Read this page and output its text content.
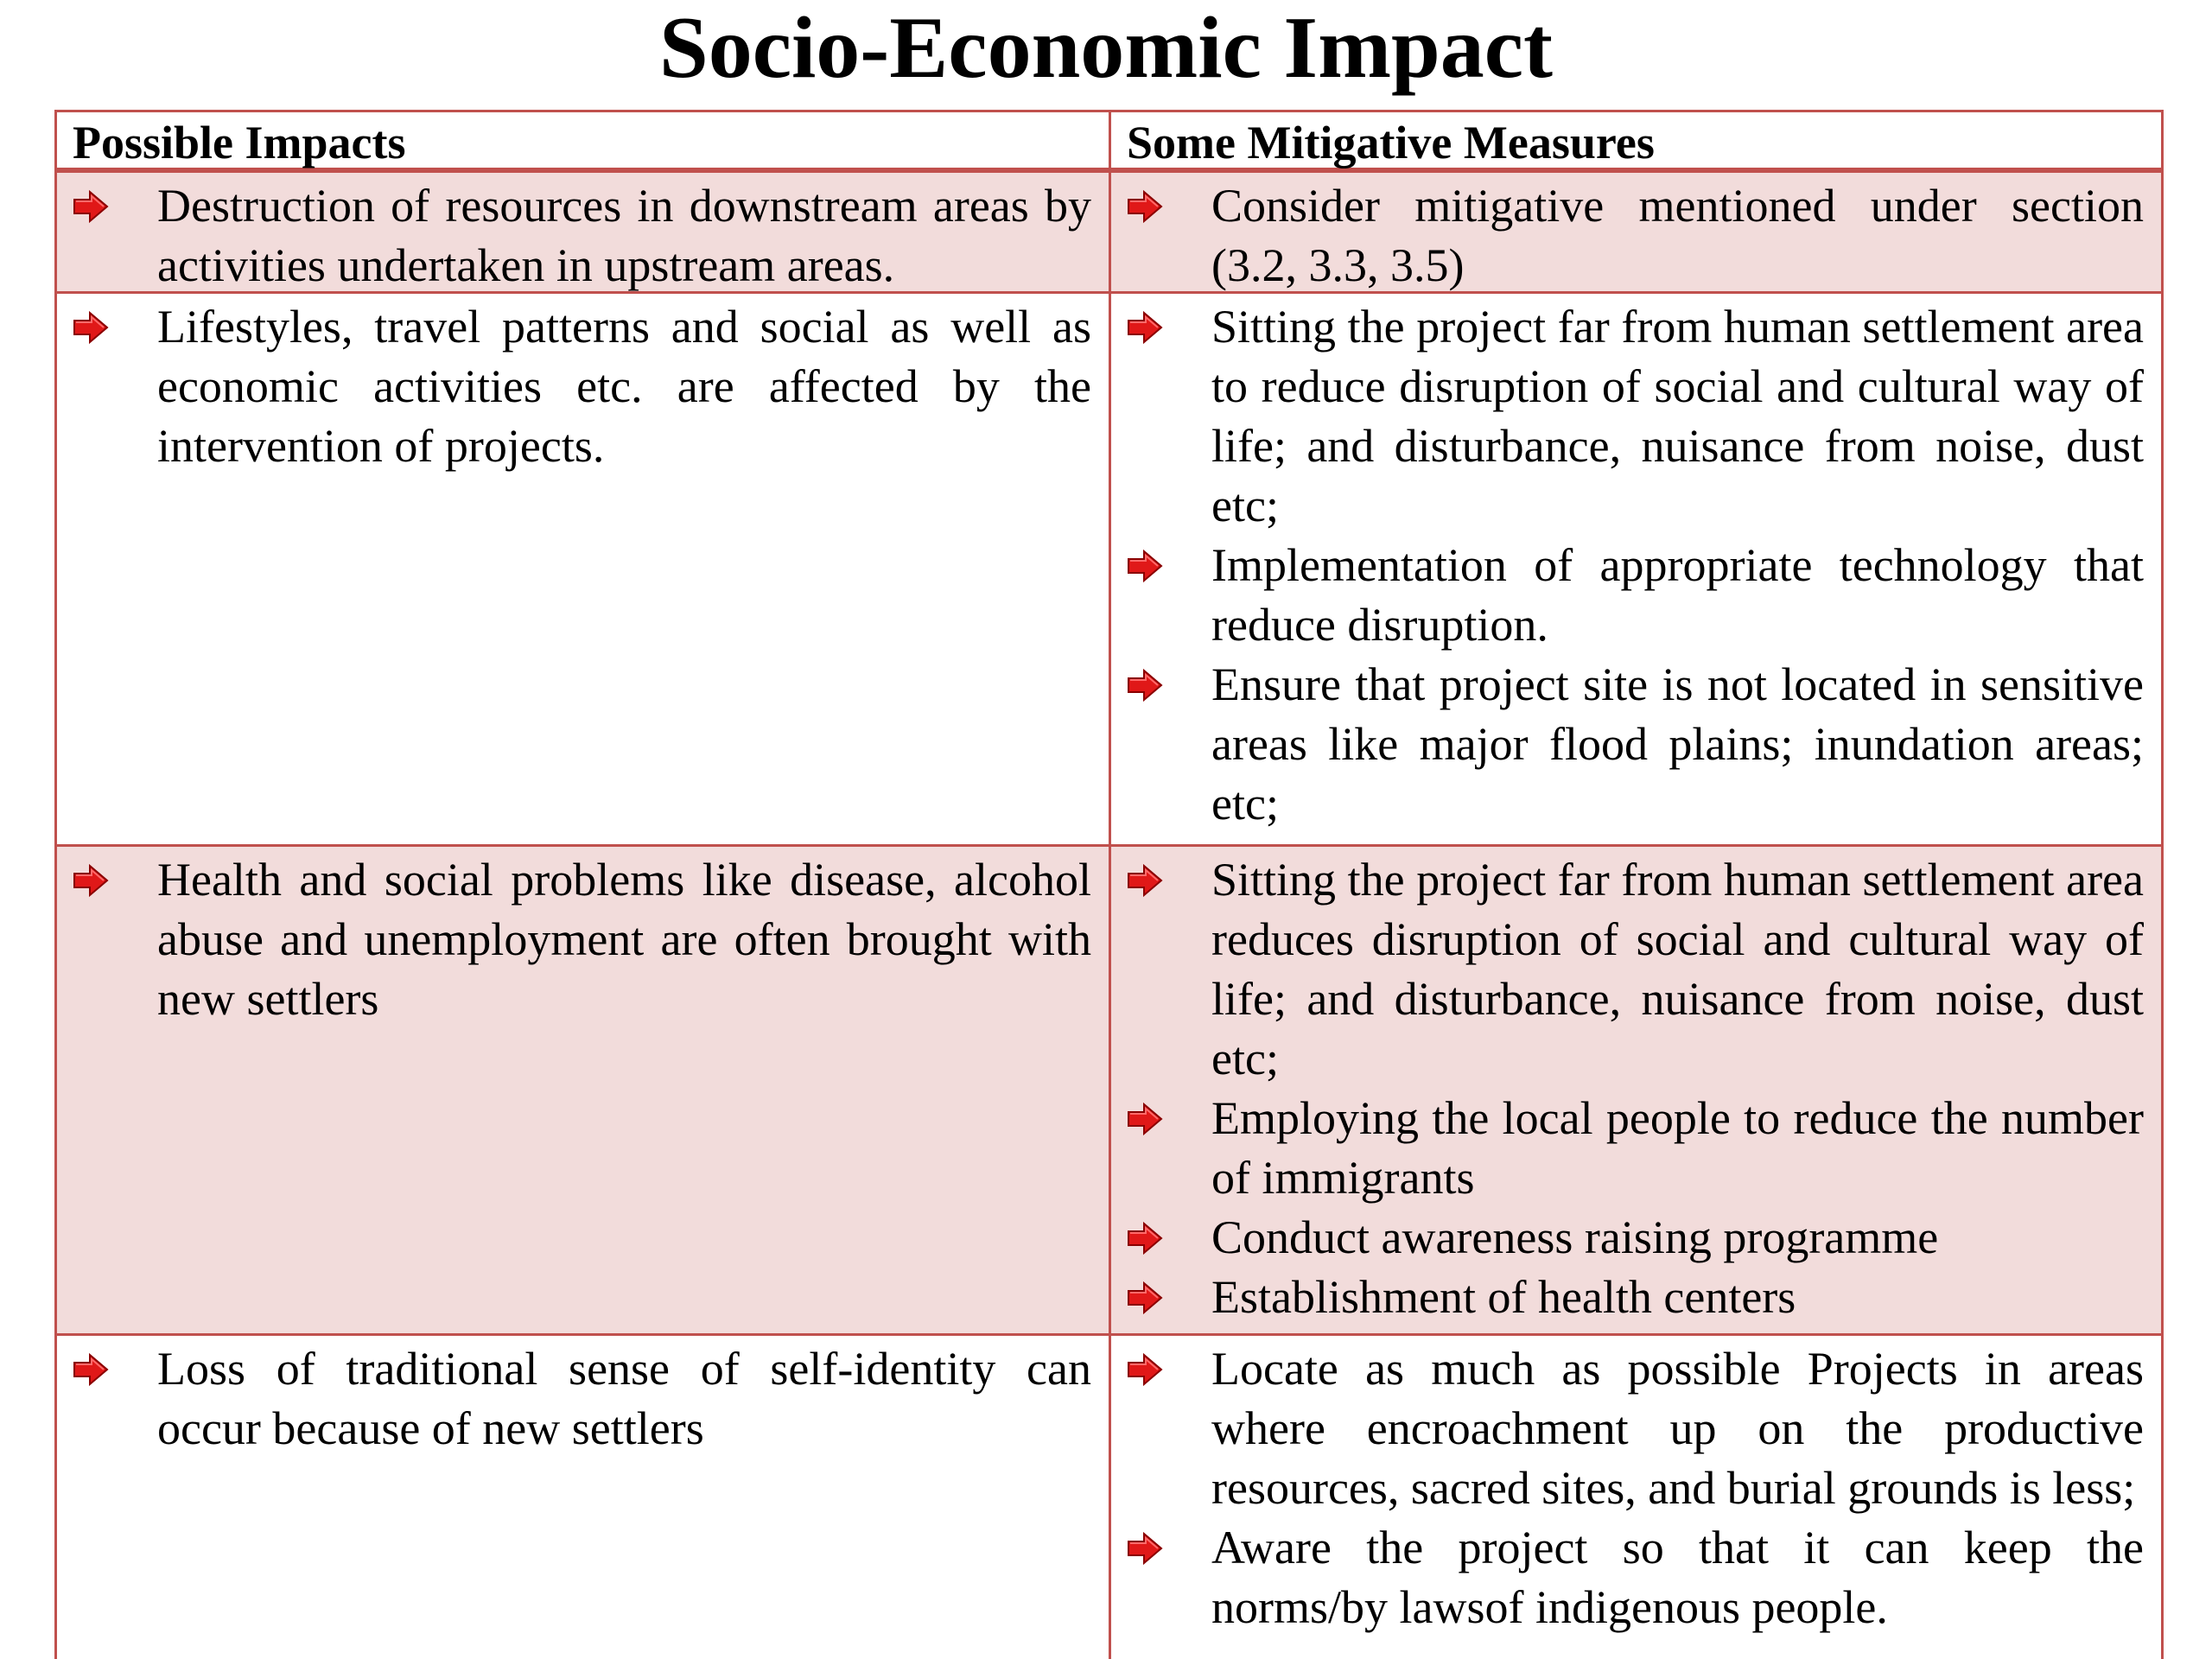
Socio-Economic Impact
Possible Impacts	Some Mitigative Measures
Destruction of resources in downstream areas by activities undertaken in upstream areas.
Consider mitigative mentioned under section (3.2, 3.3, 3.5)
Lifestyles, travel patterns and social as well as economic activities etc. are affected by the intervention of projects.
Sitting the project far from human settlement area to reduce disruption of social and cultural way of life; and disturbance, nuisance from noise, dust etc;
Implementation of appropriate technology that reduce disruption.
Ensure that project site is not located in sensitive areas like major flood plains; inundation areas; etc;
Health and social problems like disease, alcohol abuse and unemployment are often brought with new settlers
Sitting the project far from human settlement area reduces disruption of social and cultural way of life; and disturbance, nuisance from noise, dust etc;
Employing the local people to reduce the number of immigrants
Conduct awareness raising programme
Establishment of health centers
Loss of traditional sense of self-identity can occur because of new settlers
Locate as much as possible Projects in areas where encroachment up on the productive resources, sacred sites, and burial grounds is less;
Aware the project so that it can keep the norms/by lawsof indigenous people.
